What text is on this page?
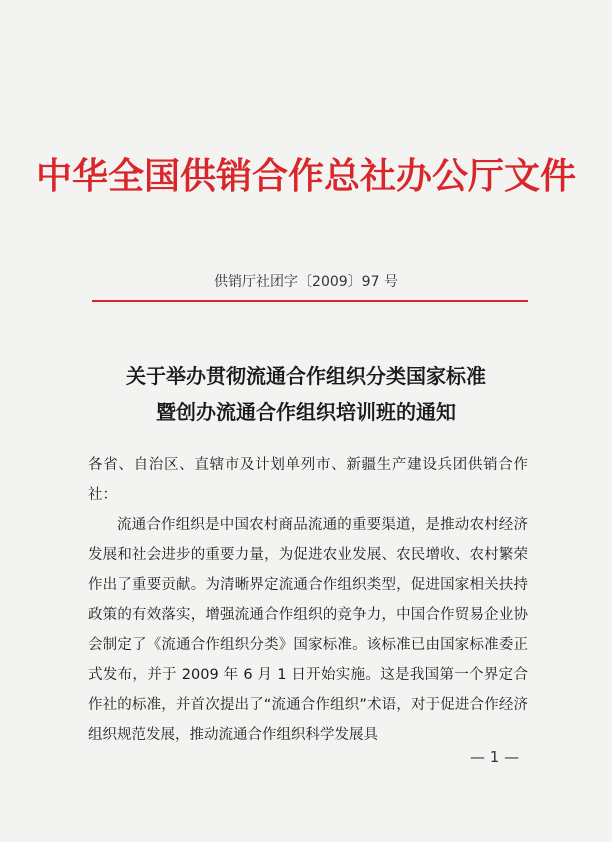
中华全国供销合作总社办公厅文件
供销厅社团字〔2009〕97 号
关于举办贯彻流通合作组织分类国家标准
暨创办流通合作组织培训班的通知
各省、自治区、直辖市及计划单列市、新疆生产建设兵团供销合作社：
流通合作组织是中国农村商品流通的重要渠道，是推动农村经济发展和社会进步的重要力量，为促进农业发展、农民增收、农村繁荣作出了重要贡献。为清晰界定流通合作组织类型，促进国家相关扶持政策的有效落实，增强流通合作组织的竞争力，中国合作贸易企业协会制定了《流通合作组织分类》国家标准。该标准已由国家标准委正式发布，并于 2009 年 6 月 1 日开始实施。这是我国第一个界定合作社的标准，并首次提出了“流通合作组织”术语，对于促进合作经济组织规范发展，推动流通合作组织科学发展具
— 1 —
